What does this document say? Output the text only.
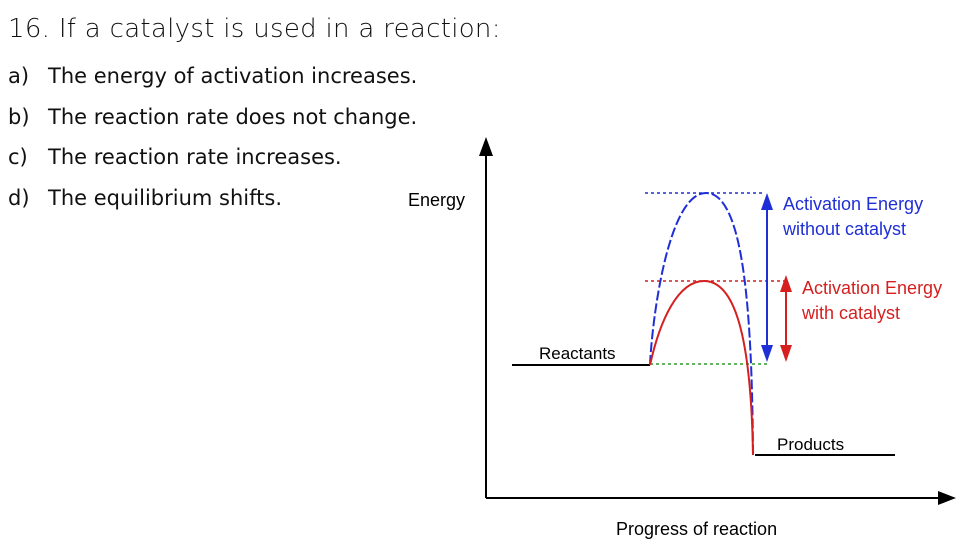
16. If a catalyst is used in a reaction:
a) The energy of activation increases.
b) The reaction rate does not change.
c) The reaction rate increases.
d) The equilibrium shifts.	Energy
Reactants
Products
Progress of reaction
Activation Energy
without catalyst
Activation Energy
with catalyst
